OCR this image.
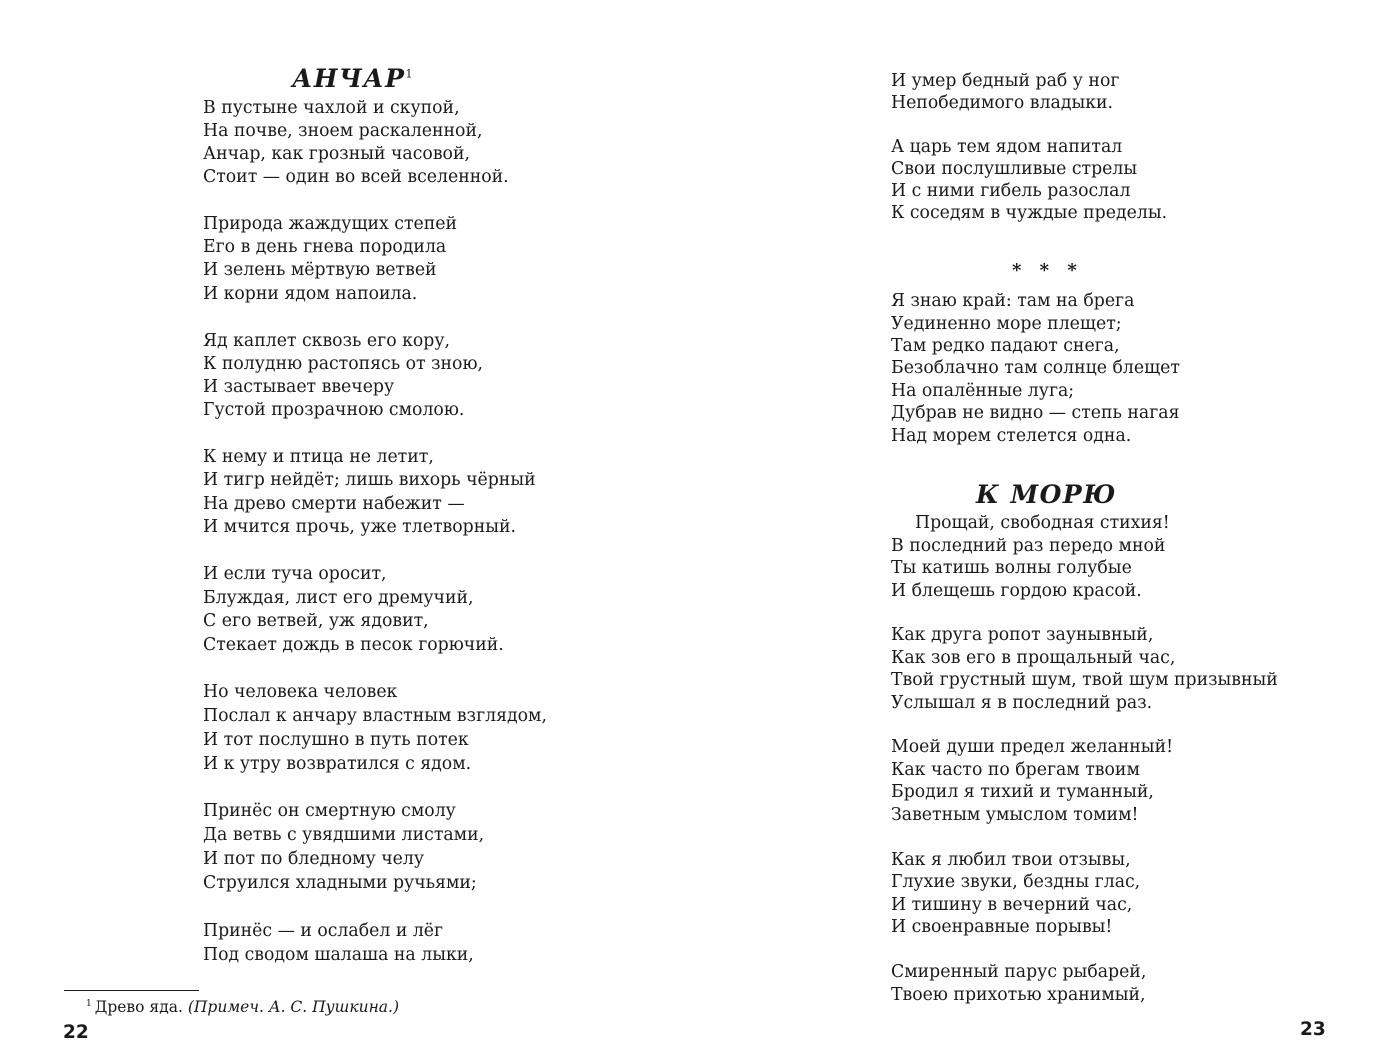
АНЧАР$^1$
В пустыне чахлой и скупой,
На почве, зноем раскаленной,
Анчар, как грозный часовой,
Стоит — один во всей вселенной.
Природа жаждущих степей
Его в день гнева породила
И зелень мёртвую ветвей
И корни ядом напоила.
Яд каплет сквозь его кору,
К полудню растопясь от зною,
И застывает ввечеру
Густой прозрачною смолою.
К нему и птица не летит,
И тигр нейдёт; лишь вихорь чёрный
На древо смерти набежит —
И мчится прочь, уже тлетворный.
И если туча оросит,
Блуждая, лист его дремучий,
С его ветвей, уж ядовит,
Стекает дождь в песок горючий.
Но человека человек
Послал к анчару властным взглядом,
И тот послушно в путь потек
И к утру возвратился с ядом.
Принёс он смертную смолу
Да ветвь с увядшими листами,
И пот по бледному челу
Струился хладными ручьями;
Принёс — и ослабел и лёг
Под сводом шалаша на лыки,
$^1$ Древо яда. (Примеч. А. С. Пушкина.)
22
И умер бедный раб у ног
Непобедимого владыки.
А царь тем ядом напитал
Свои послушливые стрелы
И с ними гибель разослал
К соседям в чуждые пределы.
* * *
Я знаю край: там на брега
Уединенно море плещет;
Там редко падают снега,
Безоблачно там солнце блещет
На опалённые луга;
Дубрав не видно — степь нагая
Над морем стелется одна.
К МОРЮ
Прощай, свободная стихия!
В последний раз передо мной
Ты катишь волны голубые
И блещешь гордою красой.
Как друга ропот заунывный,
Как зов его в прощальный час,
Твой грустный шум, твой шум призывный
Услышал я в последний раз.
Моей души предел желанный!
Как часто по брегам твоим
Бродил я тихий и туманный,
Заветным умыслом томим!
Как я любил твои отзывы,
Глухие звуки, бездны глас,
И тишину в вечерний час,
И своенравные порывы!
Смиренный парус рыбарей,
Твоею прихотью хранимый,
23
